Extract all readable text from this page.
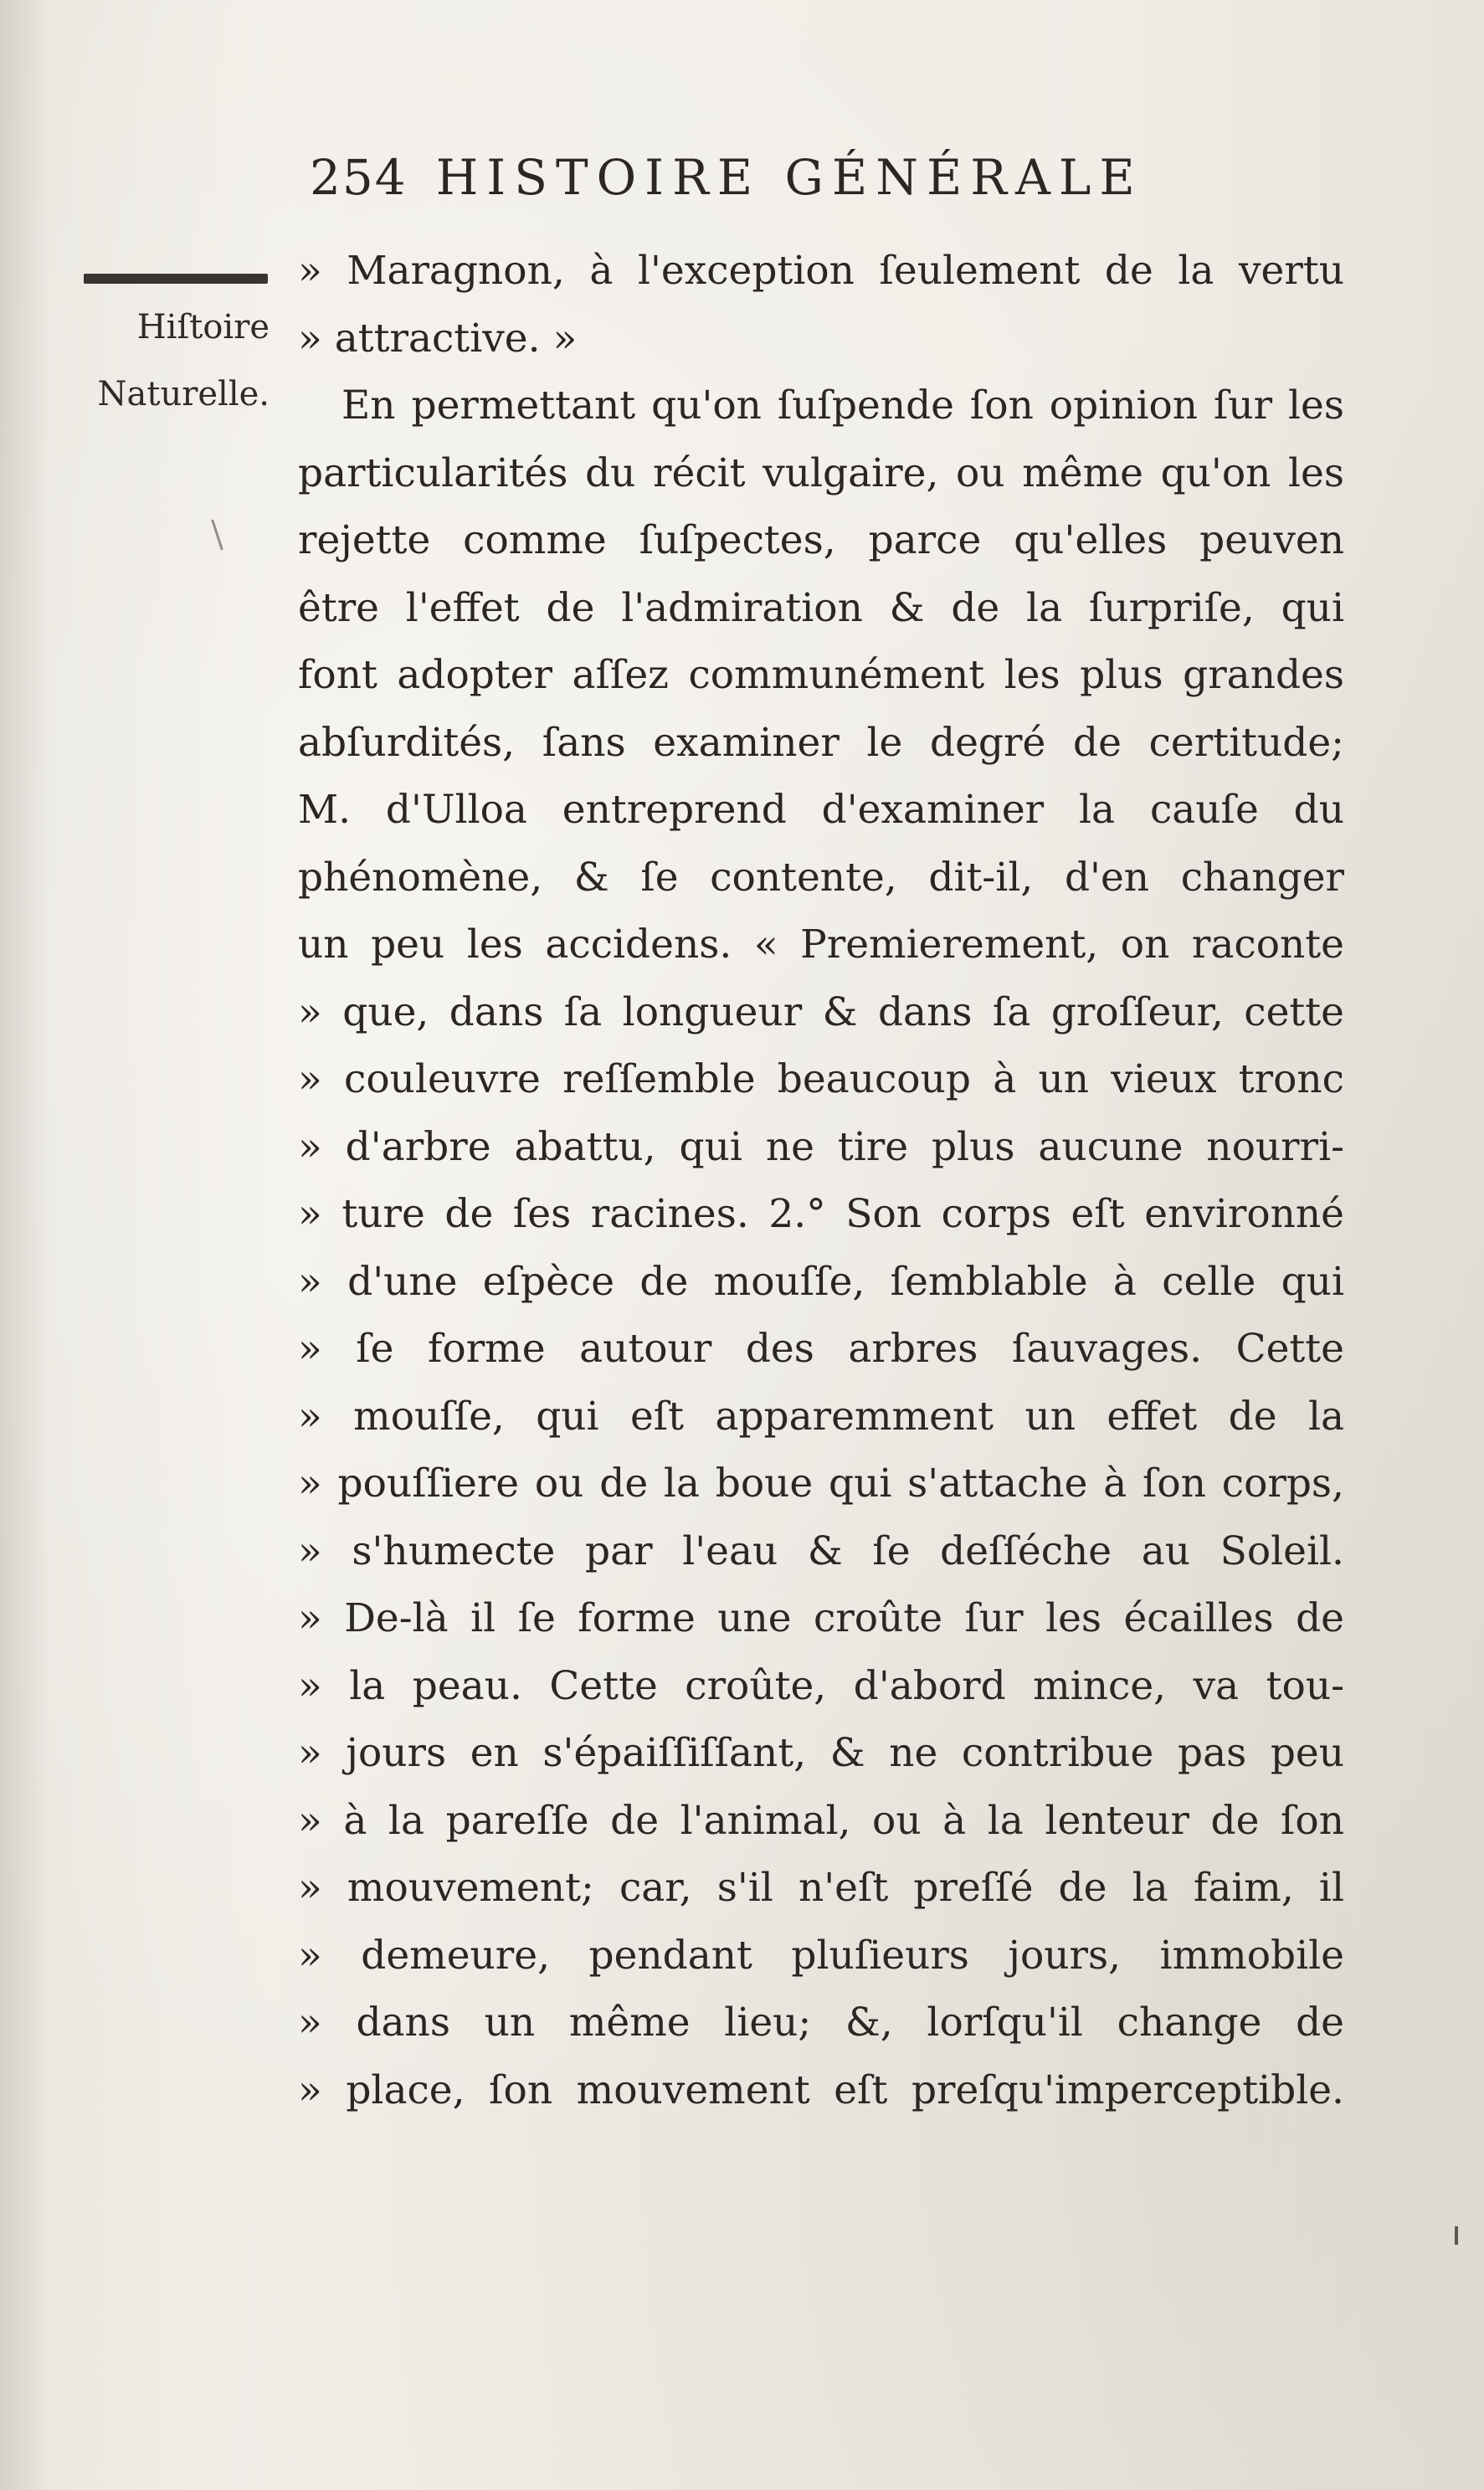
254 HISTOIRE GÉNÉRALE
Hiſtoire
Naturelle.
» Maragnon, à l'exception ſeulement de la vertu
» attractive. »
En permettant qu'on ſuſpende ſon opinion ſur les
particularités du récit vulgaire, ou même qu'on les
rejette comme ſuſpectes, parce qu'elles peuven
être l'effet de l'admiration & de la ſurpriſe, qui
font adopter aſſez communément les plus grandes
abſurdités, ſans examiner le degré de certitude;
M. d'Ulloa entreprend d'examiner la cauſe du
phénomène, & ſe contente, dit-il, d'en changer
un peu les accidens. « Premierement, on raconte
» que, dans ſa longueur & dans ſa groſſeur, cette
» couleuvre reſſemble beaucoup à un vieux tronc
» d'arbre abattu, qui ne tire plus aucune nourri-
» ture de ſes racines. 2.° Son corps eſt environné
» d'une eſpèce de mouſſe, ſemblable à celle qui
» ſe forme autour des arbres ſauvages. Cette
» mouſſe, qui eſt apparemment un effet de la
» pouſſiere ou de la boue qui s'attache à ſon corps,
» s'humecte par l'eau & ſe deſſéche au Soleil.
» De-là il ſe forme une croûte ſur les écailles de
» la peau. Cette croûte, d'abord mince, va tou-
» jours en s'épaiſſiſſant, & ne contribue pas peu
» à la pareſſe de l'animal, ou à la lenteur de ſon
» mouvement; car, s'il n'eſt preſſé de la faim, il
» demeure, pendant pluſieurs jours, immobile
» dans un même lieu; &, lorſqu'il change de
» place, ſon mouvement eſt preſqu'imperceptible.
